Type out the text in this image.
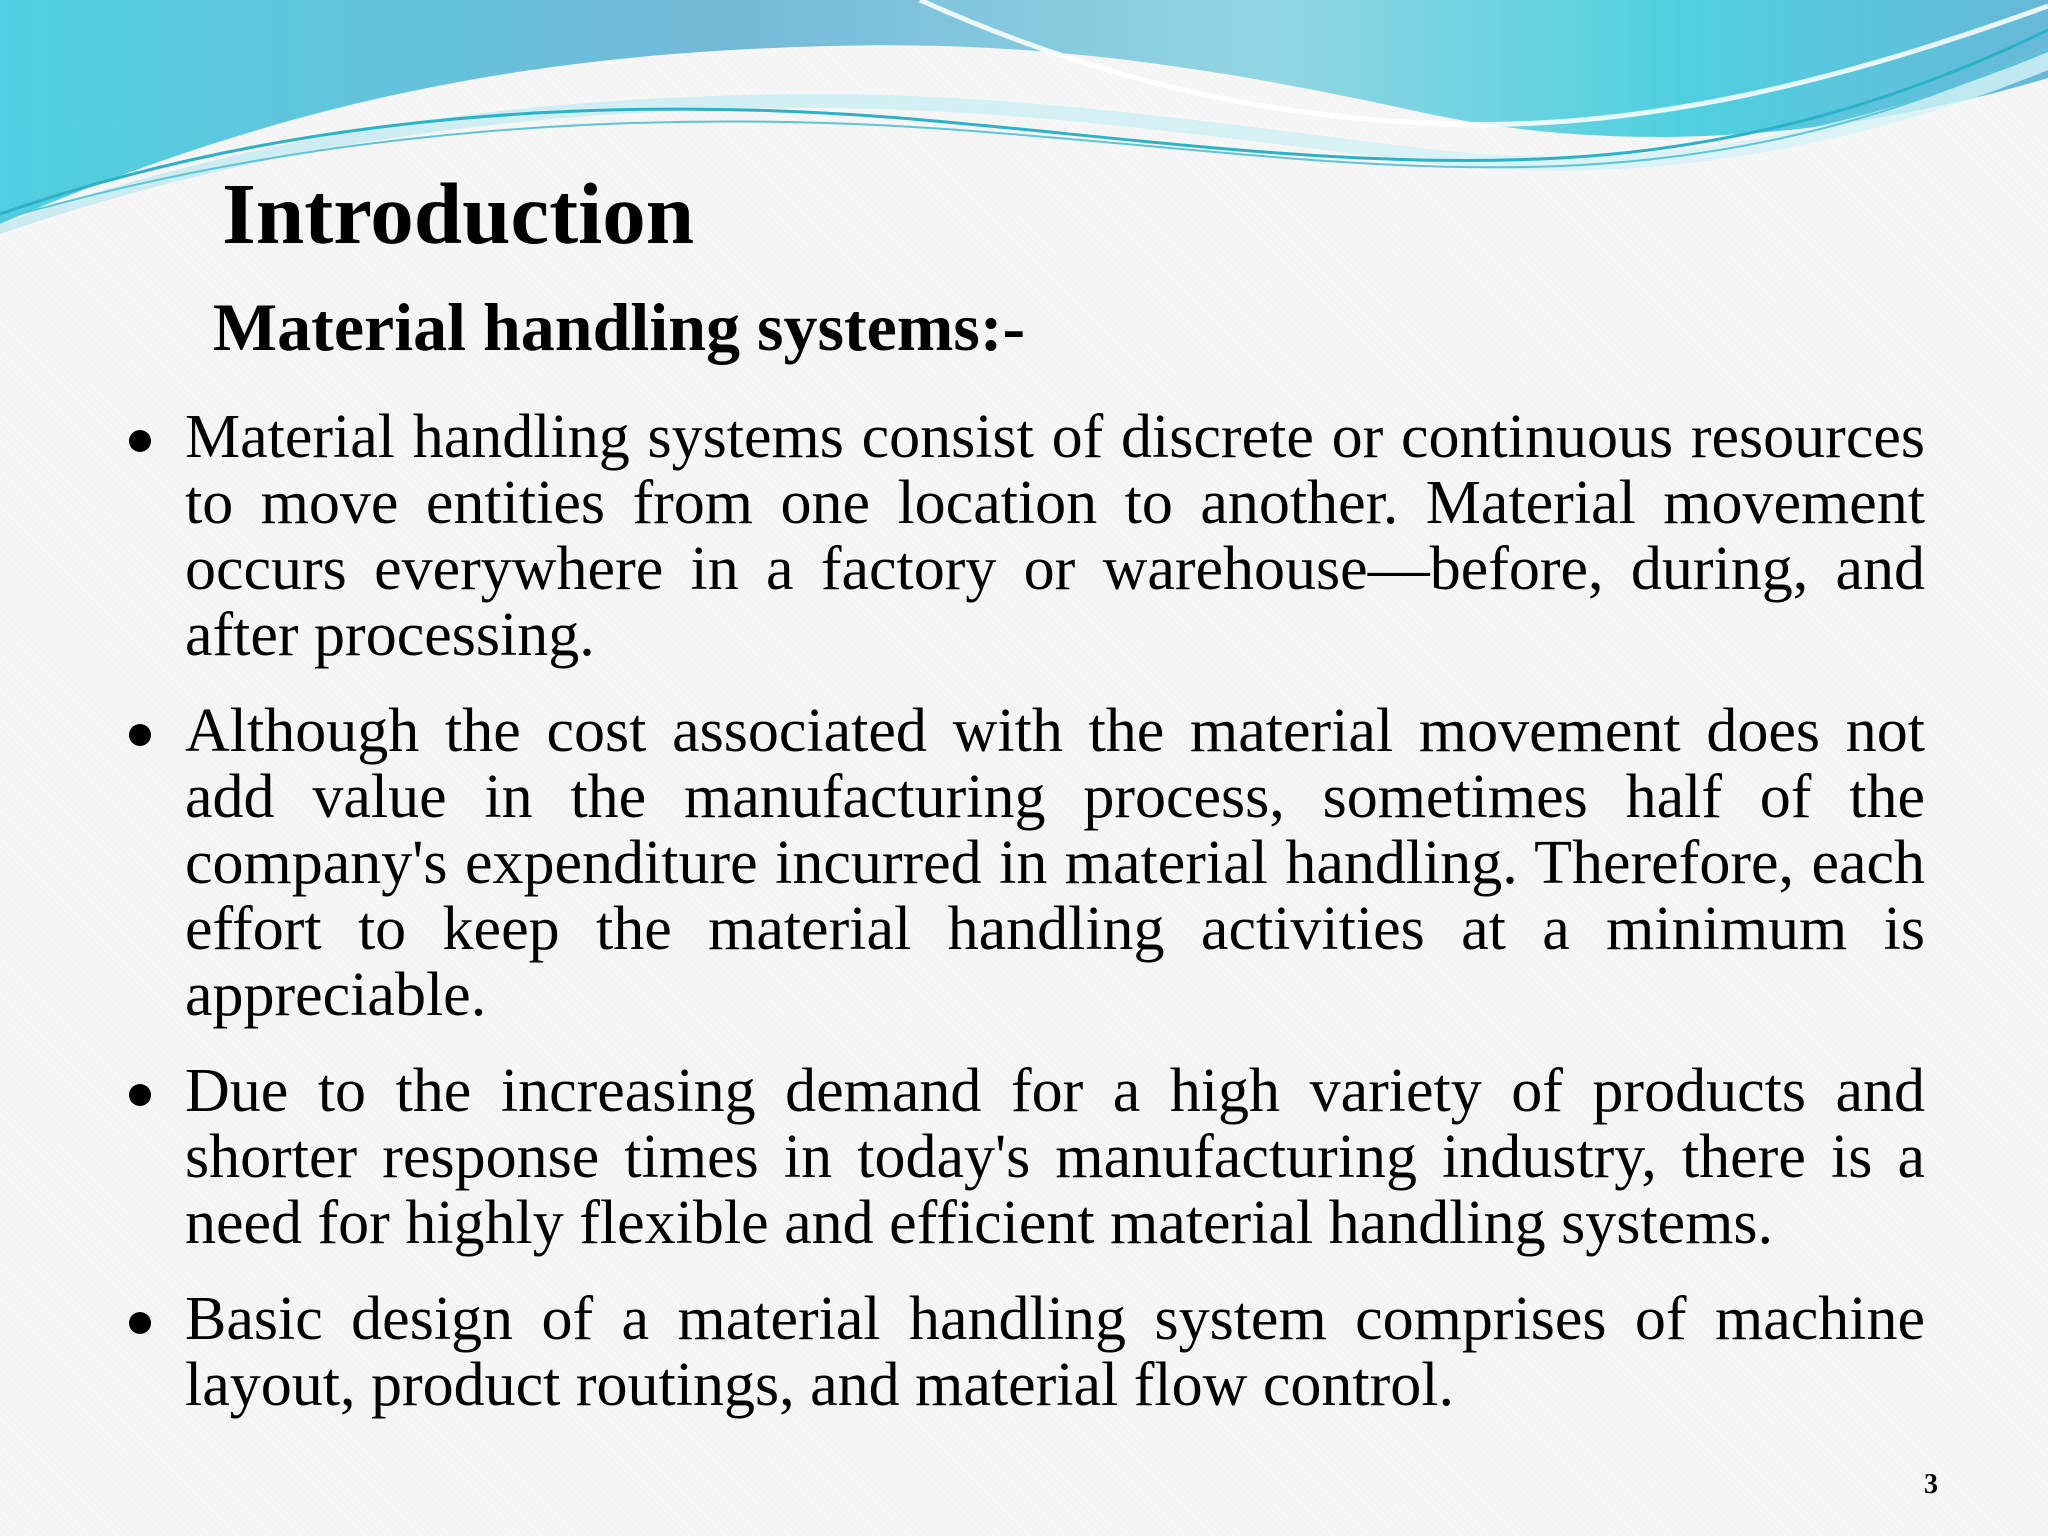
Introduction
Material handling systems:-
Material handling systems consist of discrete or continuous resources to move entities from one location to another. Material movement occurs everywhere in a factory or warehouse—before, during, and after processing.
Although the cost associated with the material movement does not add value in the manufacturing process, sometimes half of the company's expenditure incurred in material handling. Therefore, each effort to keep the material handling activities at a minimum is appreciable.
Due to the increasing demand for a high variety of products and shorter response times in today's manufacturing industry, there is a need for highly flexible and efficient material handling systems.
Basic design of a material handling system comprises of machine layout, product routings, and material flow control.
3
